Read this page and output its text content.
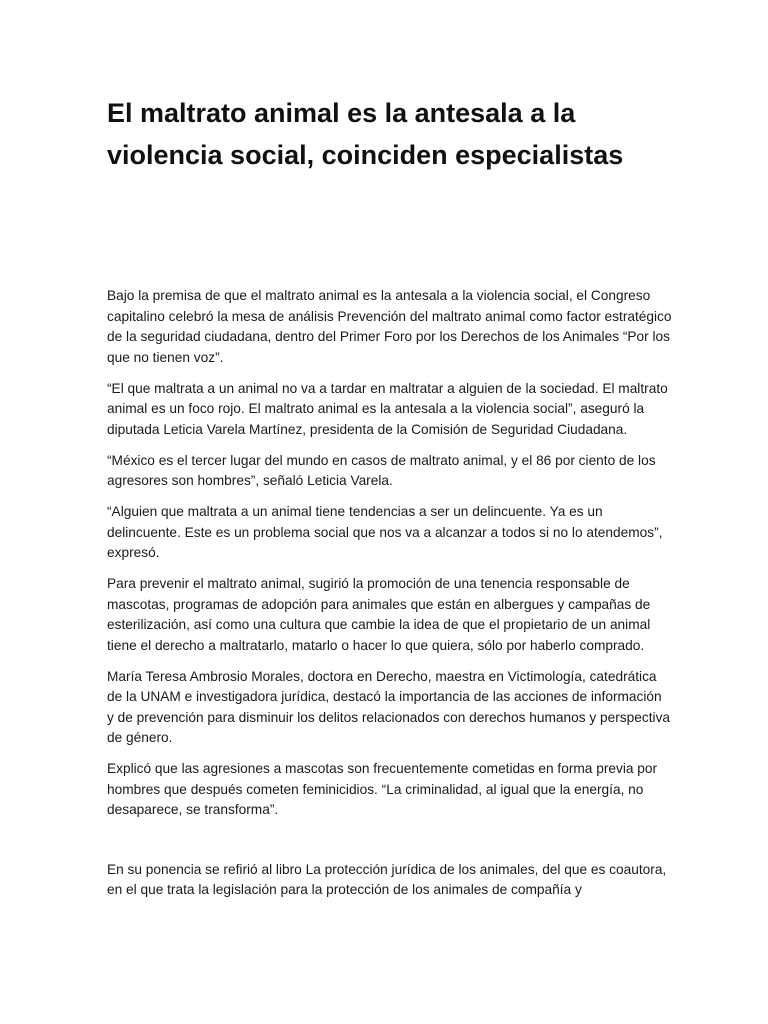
El maltrato animal es la antesala a la violencia social, coinciden especialistas

Bajo la premisa de que el maltrato animal es la antesala a la violencia social, el Congreso capitalino celebró la mesa de análisis Prevención del maltrato animal como factor estratégico de la seguridad ciudadana, dentro del Primer Foro por los Derechos de los Animales “Por los que no tienen voz”.

“El que maltrata a un animal no va a tardar en maltratar a alguien de la sociedad. El maltrato animal es un foco rojo. El maltrato animal es la antesala a la violencia social”, aseguró la diputada Leticia Varela Martínez, presidenta de la Comisión de Seguridad Ciudadana.

“México es el tercer lugar del mundo en casos de maltrato animal, y el 86 por ciento de los agresores son hombres”, señaló Leticia Varela.

“Alguien que maltrata a un animal tiene tendencias a ser un delincuente. Ya es un delincuente. Este es un problema social que nos va a alcanzar a todos si no lo atendemos”, expresó.

Para prevenir el maltrato animal, sugirió la promoción de una tenencia responsable de mascotas, programas de adopción para animales que están en albergues y campañas de esterilización, así como una cultura que cambie la idea de que el propietario de un animal tiene el derecho a maltratarlo, matarlo o hacer lo que quiera, sólo por haberlo comprado.

María Teresa Ambrosio Morales, doctora en Derecho, maestra en Victimología, catedrática de la UNAM e investigadora jurídica, destacó la importancia de las acciones de información y de prevención para disminuir los delitos relacionados con derechos humanos y perspectiva de género.

Explicó que las agresiones a mascotas son frecuentemente cometidas en forma previa por hombres que después cometen feminicidios. “La criminalidad, al igual que la energía, no desaparece, se transforma”.

En su ponencia se refirió al libro La protección jurídica de los animales, del que es coautora, en el que trata la legislación para la protección de los animales de compañía y
